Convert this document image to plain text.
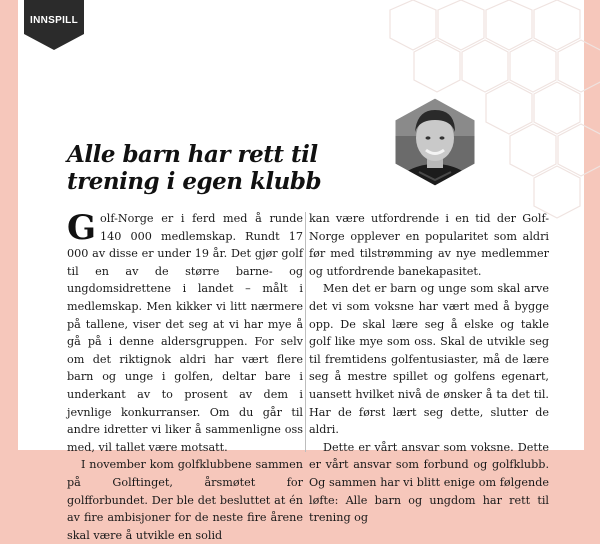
INNSPILL
Alle barn har rett til trening i egen klubb

Golf-Norge er i ferd med å runde 140 000 medlemskap. Rundt 17 000 av disse er under 19 år. Det gjør golf til en av de større barne- og ungdomsidrettene i landet – målt i medlemskap. Men kikker vi litt nærmere på tallene, viser det seg at vi har mye å gå på i denne aldersgruppen. For selv om det riktignok aldri har vært flere barn og unge i golfen, deltar bare i underkant av to prosent av dem i jevnlige konkurranser. Om du går til andre idretter vi liker å sammenligne oss med, vil tallet være motsatt.

I november kom golfklubbene sammen på Golftinget, årsmøtet for golfforbundet. Der ble det besluttet at én av fire ambisjoner for de neste fire årene skal være å utvikle en solid

kan være utfordrende i en tid der Golf-Norge opplever en popularitet som aldri før med tilstrømming av nye medlemmer og utfordrende banekapasitet.

Men det er barn og unge som skal arve det vi som voksne har vært med å bygge opp. De skal lære seg å elske og takle golf like mye som oss. Skal de utvikle seg til fremtidens golfentusiaster, må de lære seg å mestre spillet og golfens egenart, uansett hvilket nivå de ønsker å ta det til. Har de først lært seg dette, slutter de aldri.

Dette er vårt ansvar som voksne. Dette er vårt ansvar som forbund og golfklubb. Og sammen har vi blitt enige om følgende løfte: Alle barn og ungdom har rett til trening og
